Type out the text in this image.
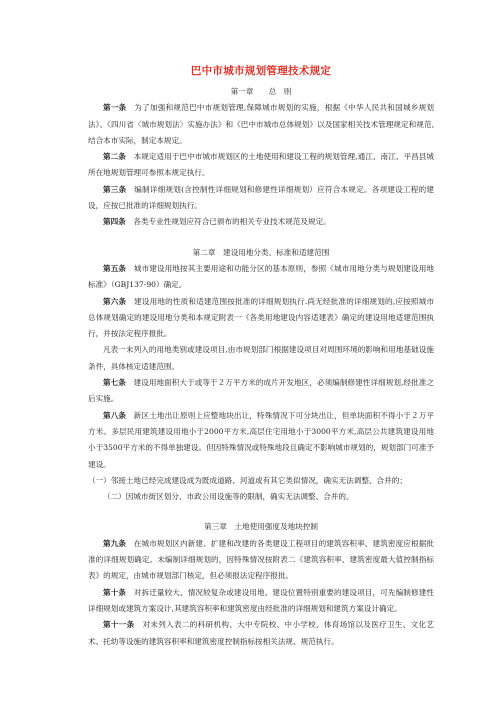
巴中市城市规划管理技术规定

第一章　　总　则

第一条　为了加强和规范巴中市规划管理,保障城市规划的实施，根据《中华人民共和国城乡规划法》、《四川省〈城市规划法〉实施办法》和《巴中市城市总体规划》以及国家相关技术管理规定和规范,结合本市实际，制定本规定。

第二条　本规定适用于巴中市城市规划区的土地使用和建设工程的规划管理,通江、南江、平昌县城所在地规划管理可参照本规定执行。

第三条　编制详细规划(含控制性详细规划和修建性详细规划）应符合本规定。各项建设工程的建设，应按已批准的详细规划执行。

第四条　各类专业性规划应符合已颁布的相关专业技术规范及规定。

第二章　建设用地分类、标准和适建范围

第五条　城市建设用地按其主要用途和功能分区的基本原则，参照《城市用地分类与规划建设用地标准》（GBJ137-90）确定。

第六条　建设用地的性质和适建范围按批准的详细规划执行.尚无经批准的详细规划的,应按照城市总体规划确定的建设用地分类和本规定附表一《各类用地建设内容适建表》确定的建设用地适建范围执行，并按法定程序报批。

凡表一未列入的用地类别或建设项目,由市规划部门根据建设项目对周围环境的影响和用地基础设施条件，具体核定适建范围。

第七条　建设用地面积大于或等于２万平方米的成片开发地区，必须编制修建性详细规划,经批准之后实施。

第八条　新区土地出让原则上应整地块出让，特殊情况下可分块出让，但单块面积不得小于２万平方米。多层民用建筑建设用地小于2000平方米,高层住宅用地小于3000平方米,高层公共建筑建设用地小于3500平方米的不得单独建设。但因特殊情况或特殊地段且确定不影响城市规划的，规划部门可准予建设。

（一）邻接土地已经完成建设成为既成道路、河道或有其它类似情况，确实无法调整、合并的；

（二）因城市街区划分、市政公用设施等的限制，确实无法调整、合并的。

第三章　土地使用强度及地块控制

第九条　在城市规划区内新建、扩建和改建的各类建设工程项目的建筑容积率、建筑密度应根据批准的详细规划确定。未编制详细规划的，因特殊情况按附表二《建筑容积率、建筑密度最大值控制指标表》的规定，由城市规划部门核定，但必须报法定程序报批。

第十条　对拆迁量较大、情况较复杂或建设用地、建设位置特别重要的建设项目，可先编制修建性详细规划或建筑方案设计,其建筑容积率和建筑密度由经批准的详细规划和建筑方案设计确定。

第十一条　对未列入表二的科研机构、大中专院校、中小学校、体育场馆以及医疗卫生、文化艺术、托幼等设施的建筑容积率和建筑密度控制指标按相关法规、规范执行。
